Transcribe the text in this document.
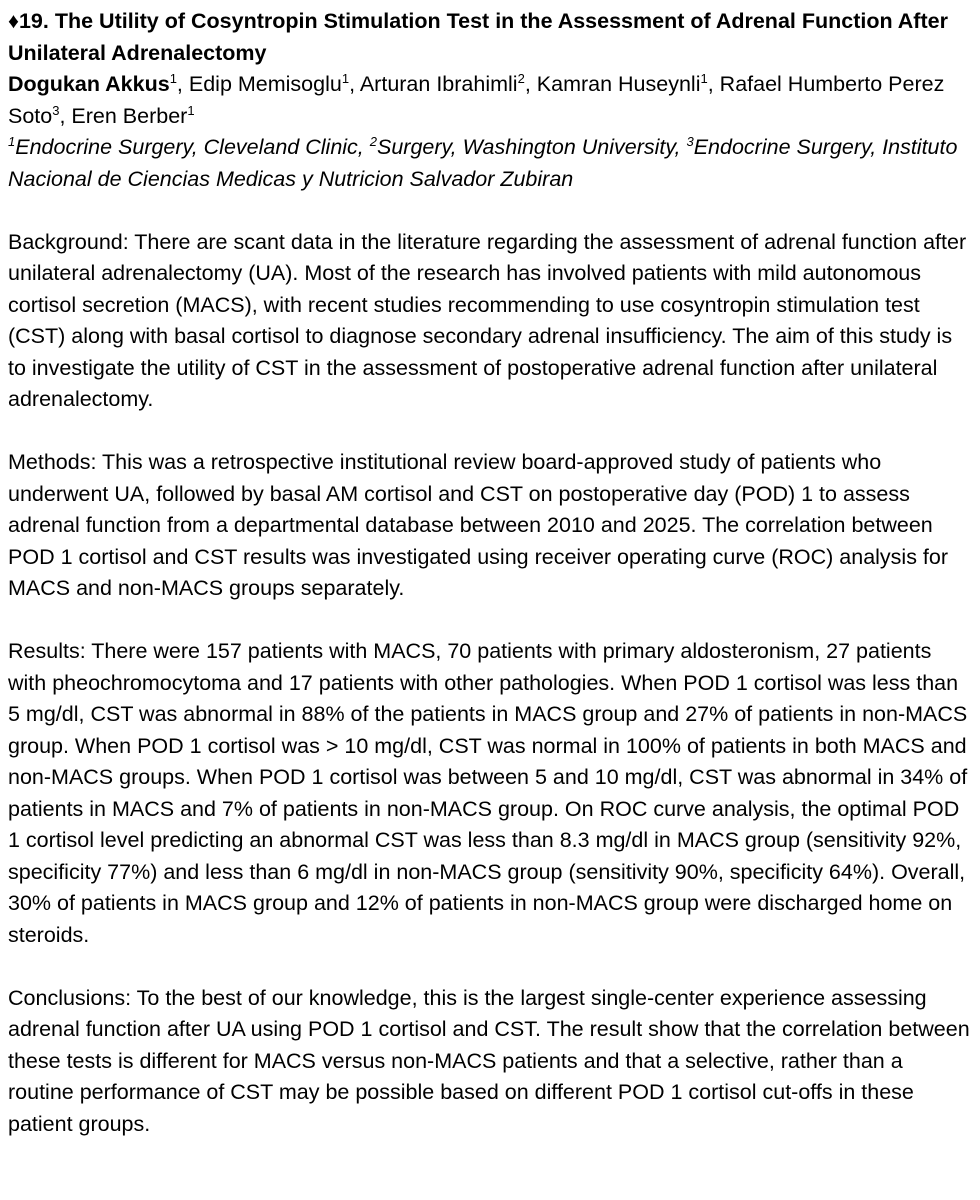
♦19. The Utility of Cosyntropin Stimulation Test in the Assessment of Adrenal Function After Unilateral Adrenalectomy

Dogukan Akkus$^1$, Edip Memisoglu$^1$, Arturan Ibrahimli$^2$, Kamran Huseynli$^1$, Rafael Humberto Perez Soto$^3$, Eren Berber$^1$

$^1$Endocrine Surgery, Cleveland Clinic, $^2$Surgery, Washington University, $^3$Endocrine Surgery, Instituto Nacional de Ciencias Medicas y Nutricion Salvador Zubiran

Background: There are scant data in the literature regarding the assessment of adrenal function after unilateral adrenalectomy (UA). Most of the research has involved patients with mild autonomous cortisol secretion (MACS), with recent studies recommending to use cosyntropin stimulation test (CST) along with basal cortisol to diagnose secondary adrenal insufficiency. The aim of this study is to investigate the utility of CST in the assessment of postoperative adrenal function after unilateral adrenalectomy.

Methods: This was a retrospective institutional review board-approved study of patients who underwent UA, followed by basal AM cortisol and CST on postoperative day (POD) 1 to assess adrenal function from a departmental database between 2010 and 2025. The correlation between POD 1 cortisol and CST results was investigated using receiver operating curve (ROC) analysis for MACS and non-MACS groups separately.

Results: There were 157 patients with MACS, 70 patients with primary aldosteronism, 27 patients with pheochromocytoma and 17 patients with other pathologies. When POD 1 cortisol was less than 5 mg/dl, CST was abnormal in 88% of the patients in MACS group and 27% of patients in non-MACS group. When POD 1 cortisol was > 10 mg/dl, CST was normal in 100% of patients in both MACS and non-MACS groups. When POD 1 cortisol was between 5 and 10 mg/dl, CST was abnormal in 34% of patients in MACS and 7% of patients in non-MACS group. On ROC curve analysis, the optimal POD 1 cortisol level predicting an abnormal CST was less than 8.3 mg/dl in MACS group (sensitivity 92%, specificity 77%) and less than 6 mg/dl in non-MACS group (sensitivity 90%, specificity 64%). Overall, 30% of patients in MACS group and 12% of patients in non-MACS group were discharged home on steroids.

Conclusions: To the best of our knowledge, this is the largest single-center experience assessing adrenal function after UA using POD 1 cortisol and CST. The result show that the correlation between these tests is different for MACS versus non-MACS patients and that a selective, rather than a routine performance of CST may be possible based on different POD 1 cortisol cut-offs in these patient groups.
